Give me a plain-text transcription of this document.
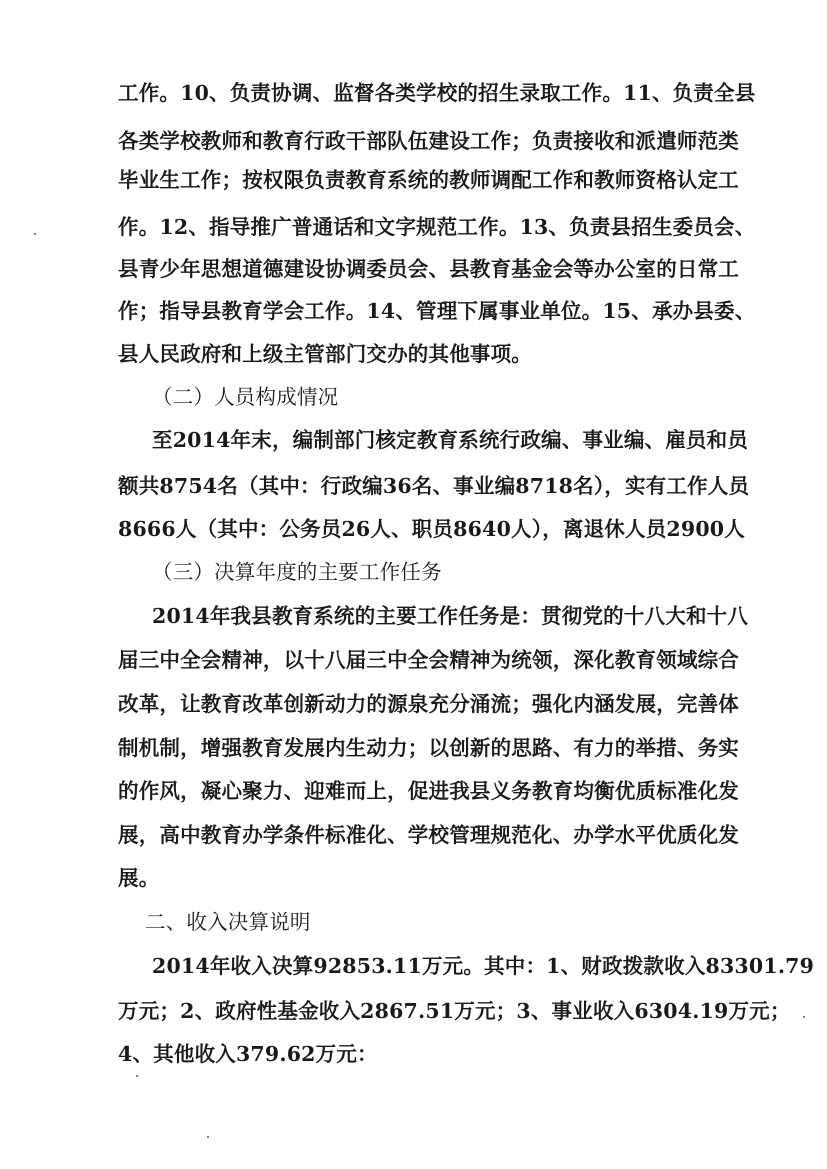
工作。10、负责协调、监督各类学校的招生录取工作。11、负责全县
各类学校教师和教育行政干部队伍建设工作；负责接收和派遣师范类
毕业生工作；按权限负责教育系统的教师调配工作和教师资格认定工
作。12、指导推广普通话和文字规范工作。13、负责县招生委员会、
县青少年思想道德建设协调委员会、县教育基金会等办公室的日常工
作；指导县教育学会工作。14、管理下属事业单位。15、承办县委、
县人民政府和上级主管部门交办的其他事项。
（二）人员构成情况
至2014年末，编制部门核定教育系统行政编、事业编、雇员和员
额共8754名（其中：行政编36名、事业编8718名），实有工作人员
8666人（其中：公务员26人、职员8640人），离退休人员2900人
（三）决算年度的主要工作任务
2014年我县教育系统的主要工作任务是：贯彻党的十八大和十八
届三中全会精神，以十八届三中全会精神为统领，深化教育领域综合
改革，让教育改革创新动力的源泉充分涌流；强化内涵发展，完善体
制机制，增强教育发展内生动力；以创新的思路、有力的举措、务实
的作风，凝心聚力、迎难而上，促进我县义务教育均衡优质标准化发
展，高中教育办学条件标准化、学校管理规范化、办学水平优质化发
展。
二、收入决算说明
2014年收入决算92853.11万元。其中：1、财政拨款收入83301.79
万元；2、政府性基金收入2867.51万元；3、事业收入6304.19万元；
4、其他收入379.62万元：
